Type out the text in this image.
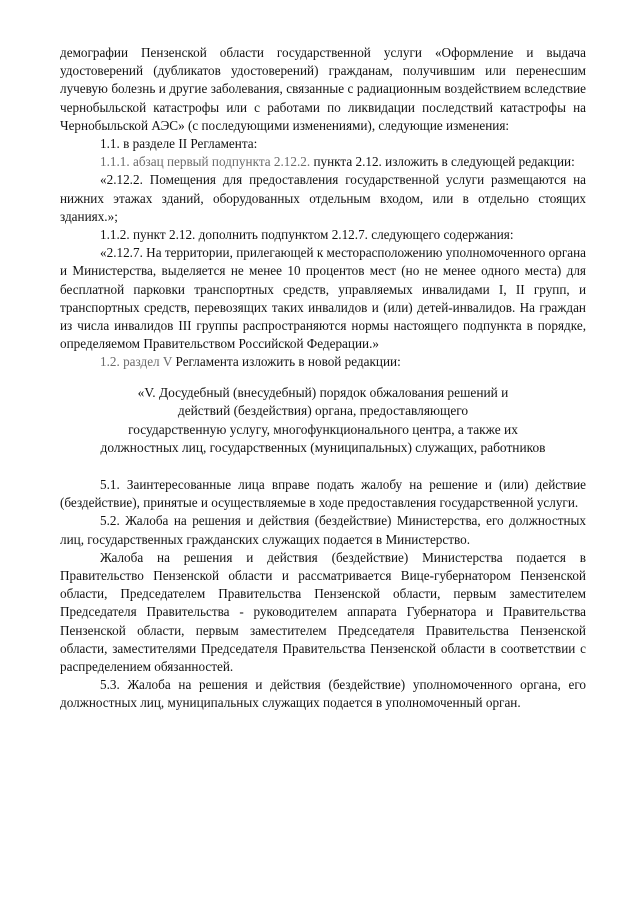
демографии Пензенской области государственной услуги «Оформление и выдача удостоверений (дубликатов удостоверений) гражданам, получившим или перенесшим лучевую болезнь и другие заболевания, связанные с радиационным воздействием вследствие чернобыльской катастрофы или с работами по ликвидации последствий катастрофы на Чернобыльской АЭС» (с последующими изменениями), следующие изменения:

1.1. в разделе II Регламента:

1.1.1. абзац первый подпункта 2.12.2. пункта 2.12. изложить в следующей редакции:

«2.12.2. Помещения для предоставления государственной услуги размещаются на нижних этажах зданий, оборудованных отдельным входом, или в отдельно стоящих зданиях.»;

1.1.2. пункт 2.12. дополнить подпунктом 2.12.7. следующего содержания:

«2.12.7. На территории, прилегающей к месторасположению уполномоченного органа и Министерства, выделяется не менее 10 процентов мест (но не менее одного места) для бесплатной парковки транспортных средств, управляемых инвалидами I, II групп, и транспортных средств, перевозящих таких инвалидов и (или) детей-инвалидов. На граждан из числа инвалидов III группы распространяются нормы настоящего подпункта в порядке, определяемом Правительством Российской Федерации.»

1.2. раздел V Регламента изложить в новой редакции:

«V. Досудебный (внесудебный) порядок обжалования решений и
действий (бездействия) органа, предоставляющего
государственную услугу, многофункционального центра, а также их
должностных лиц, государственных (муниципальных) служащих, работников

5.1. Заинтересованные лица вправе подать жалобу на решение и (или) действие (бездействие), принятые и осуществляемые в ходе предоставления государственной услуги.

5.2. Жалоба на решения и действия (бездействие) Министерства, его должностных лиц, государственных гражданских служащих подается в Министерство.

Жалоба на решения и действия (бездействие) Министерства подается в Правительство Пензенской области и рассматривается Вице-губернатором Пензенской области, Председателем Правительства Пензенской области, первым заместителем Председателя Правительства - руководителем аппарата Губернатора и Правительства Пензенской области, первым заместителем Председателя Правительства Пензенской области, заместителями Председателя Правительства Пензенской области в соответствии с распределением обязанностей.

5.3. Жалоба на решения и действия (бездействие) уполномоченного органа, его должностных лиц, муниципальных служащих подается в уполномоченный орган.
